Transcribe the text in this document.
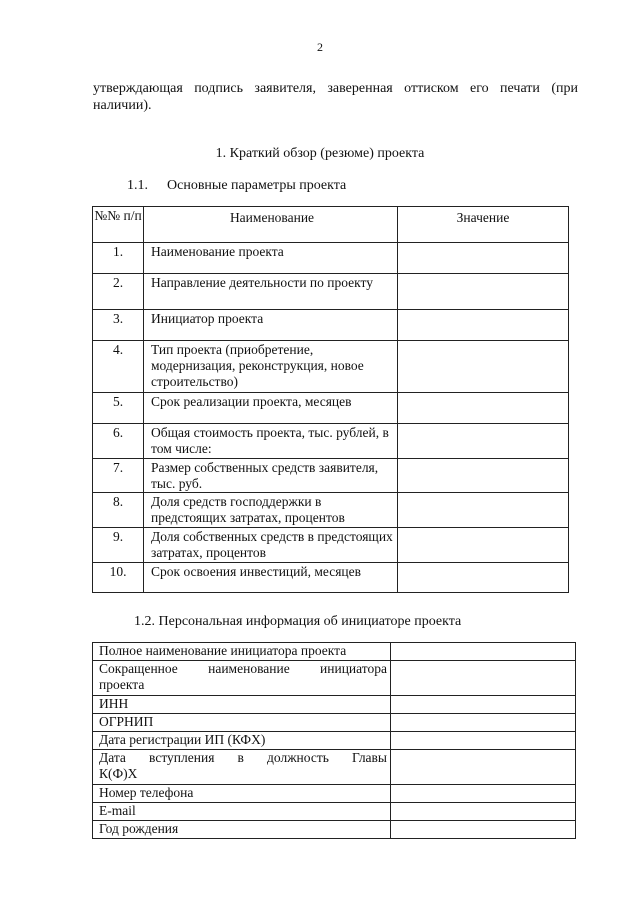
2

утверждающая подпись заявителя, заверенная оттиском его печати (при

наличии).

1. Краткий обзор (резюме) проекта
1.1. Основные параметры проекта
№№ п/п	Наименование	Значение
1.	Наименование проекта	
2.	Направление деятельности по проекту	
3.	Инициатор проекта	
4.	Тип проекта (приобретение, модернизация, реконструкция, новое строительство)	
5.	Срок реализации проекта, месяцев	
6.	Общая стоимость проекта, тыс. рублей, в том числе:	
7.	Размер собственных средств заявителя, тыс. руб.	
8.	Доля средств господдержки в предстоящих затратах, процентов	
9.	Доля собственных средств в предстоящих затратах, процентов	
10.	Срок освоения инвестиций, месяцев	
1.2. Персональная информация об инициаторе проекта
Полное наименование инициатора проекта	

Сокращенное наименование инициатора
проекта	
ИНН	
ОГРНИП	
Дата регистрации ИП (КФХ)	

Дата вступления в должность Главы
К(Ф)Х	
Номер телефона	
E-mail	
Год рождения	
